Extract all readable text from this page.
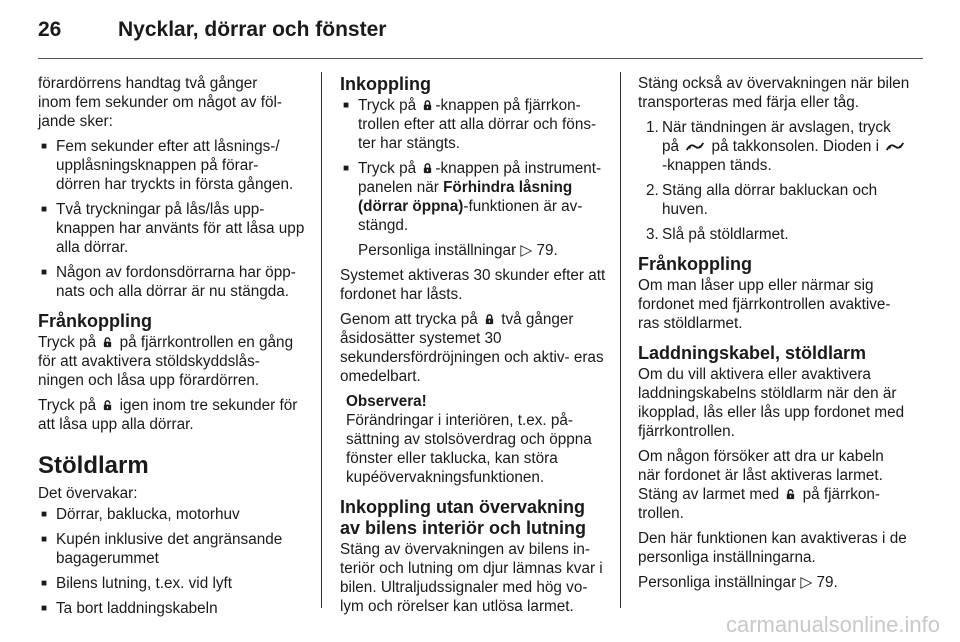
26	Nycklar, dörrar och fönster

förardörrens handtag två gånger
inom fem sekunder om något av föl-
jande sker:

■ Fem sekunder efter att låsnings-/ upplåsningsknappen på förar- dörren har tryckts in första gången.
■ Två tryckningar på lås/lås upp- knappen har använts för att låsa upp alla dörrar.
■ Någon av fordonsdörrarna har öpp- nats och alla dörrar är nu stängda.
Frånkoppling

Tryck på på fjärrkontrollen en gång för att avaktivera stöldskyddslås- ningen och låsa upp förardörren.

Tryck på igen inom tre sekunder för att låsa upp alla dörrar.

Stöldlarm

Det övervakar:

■ Dörrar, baklucka, motorhuv
■ Kupén inklusive det angränsande bagagerummet
■ Bilens lutning, t.ex. vid lyft
■ Ta bort laddningskabeln
Inkoppling
■ Tryck på -knappen på fjärrkon- trollen efter att alla dörrar och föns- ter har stängts.
■ Tryck på -knappen på instrument- panelen när Förhindra låsning (dörrar öppna)-funktionen är av- stängd.

Personliga inställningar ▷ 79.

Systemet aktiveras 30 skunder efter att fordonet har låsts.

Genom att trycka på två gånger åsidosätter systemet 30 sekundersfördröjningen och aktiv- eras omedelbart.

Observera!
Förändringar i interiören, t.ex. på- sättning av stolsöverdrag och öppna fönster eller taklucka, kan störa kupéövervakningsfunktionen.
Inkoppling utan övervakning av bilens interiör och lutning

Stäng av övervakningen av bilens in- teriör och lutning om djur lämnas kvar i bilen. Ultraljudssignaler med hög vo- lym och rörelser kan utlösa larmet.

Stäng också av övervakningen när bilen transporteras med färja eller tåg.

1. När tändningen är avslagen, tryck på på takkonsolen. Dioden i -knappen tänds.
2. Stäng alla dörrar bakluckan och huven.
3. Slå på stöldlarmet.
Frånkoppling

Om man låser upp eller närmar sig fordonet med fjärrkontrollen avaktive- ras stöldlarmet.

Laddningskabel, stöldlarm

Om du vill aktivera eller avaktivera laddningskabelns stöldlarm när den är ikopplad, lås eller lås upp fordonet med fjärrkontrollen.

Om någon försöker att dra ur kabeln när fordonet är låst aktiveras larmet. Stäng av larmet med på fjärrkon- trollen.

Den här funktionen kan avaktiveras i de personliga inställningarna.

Personliga inställningar ▷ 79.

carmanualsonline.info
